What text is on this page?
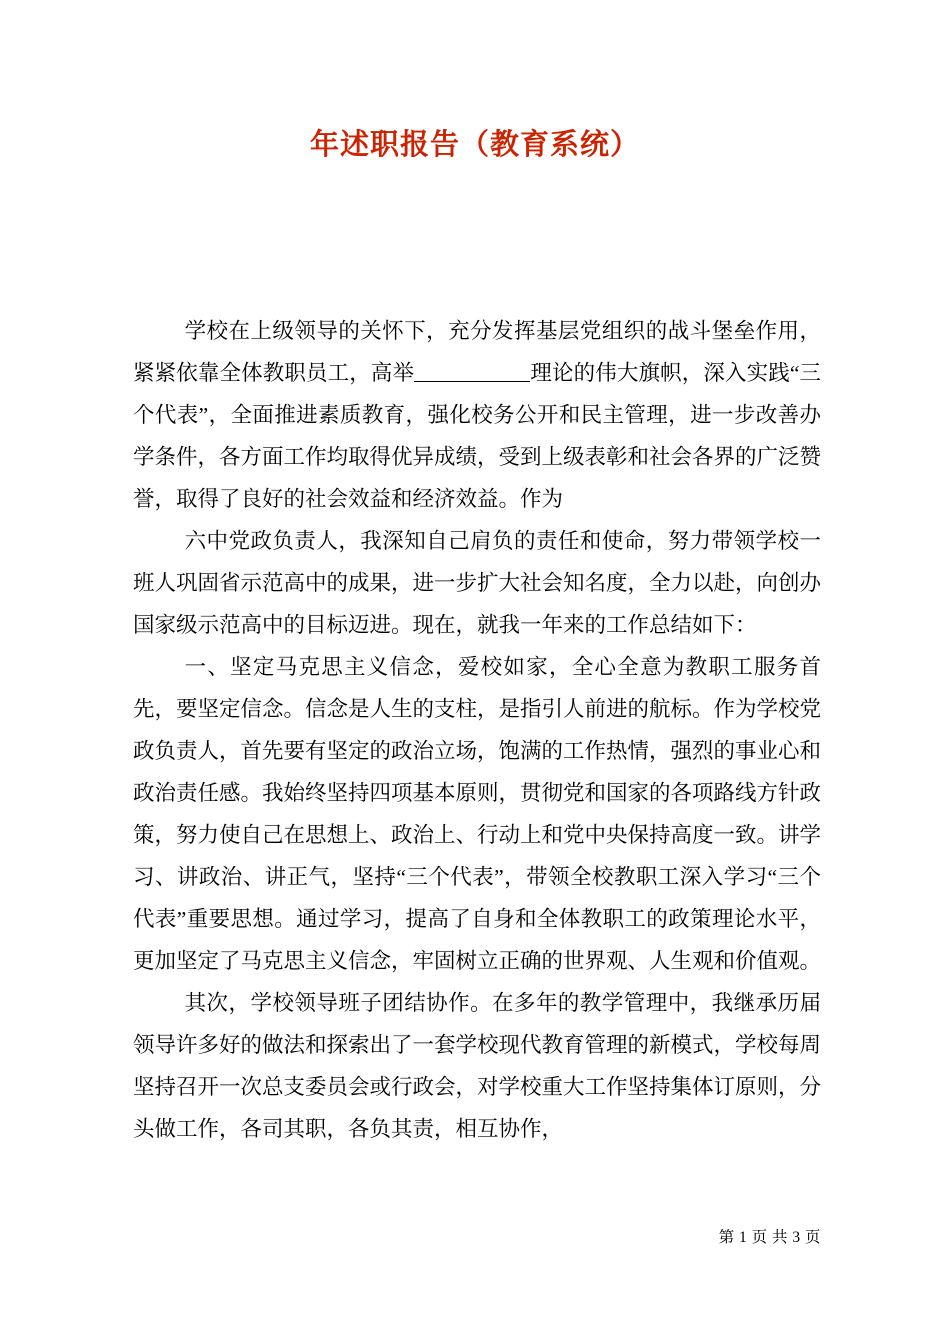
年述职报告（教育系统）

学校在上级领导的关怀下，充分发挥基层党组织的战斗堡垒作用，紧紧依靠全体教职员工，高举	理论的伟大旗帜，深入实践“三个代表”，全面推进素质教育，强化校务公开和民主管理，进一步改善办学条件，各方面工作均取得优异成绩，受到上级表彰和社会各界的广泛赞誉，取得了良好的社会效益和经济效益。作为

六中党政负责人，我深知自己肩负的责任和使命，努力带领学校一班人巩固省示范高中的成果，进一步扩大社会知名度，全力以赴，向创办国家级示范高中的目标迈进。现在，就我一年来的工作总结如下：

一、坚定马克思主义信念，爱校如家，全心全意为教职工服务首先，要坚定信念。信念是人生的支柱，是指引人前进的航标。作为学校党政负责人，首先要有坚定的政治立场，饱满的工作热情，强烈的事业心和政治责任感。我始终坚持四项基本原则，贯彻党和国家的各项路线方针政策，努力使自己在思想上、政治上、行动上和党中央保持高度一致。讲学习、讲政治、讲正气，坚持“三个代表”，带领全校教职工深入学习“三个代表”重要思想。通过学习，提高了自身和全体教职工的政策理论水平，更加坚定了马克思主义信念，牢固树立正确的世界观、人生观和价值观。

其次，学校领导班子团结协作。在多年的教学管理中，我继承历届领导许多好的做法和探索出了一套学校现代教育管理的新模式，学校每周坚持召开一次总支委员会或行政会，对学校重大工作坚持集体订原则，分头做工作，各司其职，各负其责，相互协作，

第 1 页 共 3 页
